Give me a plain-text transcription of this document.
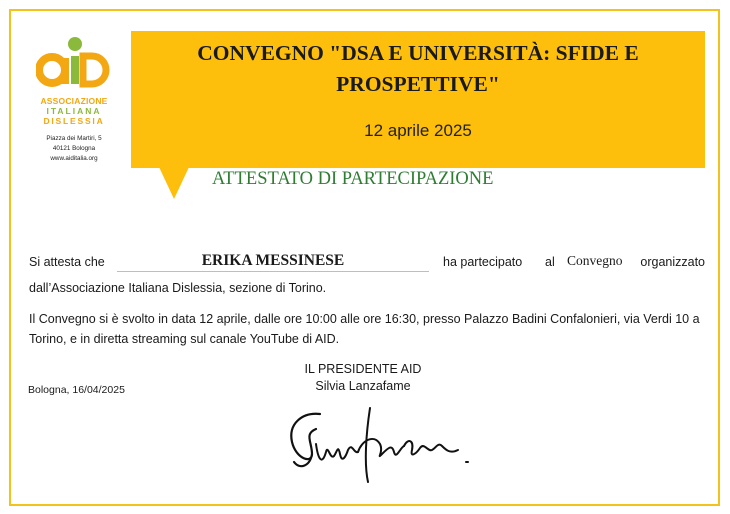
ASSOCIAZIONE
ITALIANA
DISLESSIA
Piazza dei Martiri, 5
40121 Bologna
www.aiditalia.org
CONVEGNO "DSA E UNIVERSITÀ: SFIDE E
PROSPETTIVE"
12 aprile 2025
ATTESTATO DI PARTECIPAZIONE
Si attesta che	ERIKA MESSINESE	ha partecipato al Convegno organizzato
dall’Associazione Italiana Dislessia, sezione di Torino.
Il Convegno si è svolto in data 12 aprile, dalle ore 10:00 alle ore 16:30, presso Palazzo Badini Confalonieri, via Verdi 10 a Torino, e in diretta streaming sul canale YouTube di AID.
IL PRESIDENTE AID
Silvia Lanzafame
Bologna, 16/04/2025
